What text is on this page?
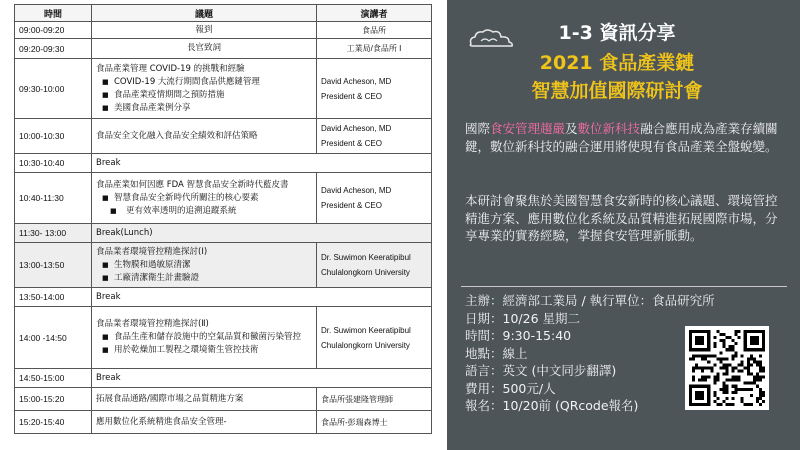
時間	議題	演講者
09:00-09:20	報到	食品所
09:20-09:30	長官致詞	工業局/食品所 I
09:30-10:00	食品產業管理 COVID-19 的挑戰和經驗
■ COVID-19 大流行期間食品供應鏈管理
■ 食品產業疫情期間之預防措施
■ 美國食品產業例分享	David Acheson, MD
President & CEO

10:00-10:30	食品安全文化融入食品安全績效和評估策略	David Acheson, MD
President & CEO

10:30-10:40	Break	
10:40-11:30	食品產業如何因應 FDA 智慧食品安全新時代藍皮書
■ 智慧食品安全新時代所關注的核心要素
■ 更有效率透明的追溯追蹤系統	David Acheson, MD
President & CEO

11:30- 13:00	Break(Lunch)	
13:00-13:50	食品業者環境管控精進探討(Ⅰ)
■ 生物膜和過敏原清潔
■ 工廠清潔衛生計畫驗證	Dr. Suwimon Keeratipibul
Chulalongkorn University

13:50-14:00	Break	
14:00 -14:50	食品業者環境管控精進探討(Ⅱ)
■ 食品生產和儲存設施中的空氣品質和黴菌污染管控
■ 用於乾燥加工製程之環境衛生管控技術	Dr. Suwimon Keeratipibul
Chulalongkorn University

14:50-15:00	Break	
15:00-15:20	拓展食品通路/國際市場之品質精進方案	食品所張建隆管理師
15:20-15:40	應用數位化系統精進食品安全管理-	食品所-彭瑞森博士
1-3 資訊分享
2021 食品產業鏈
智慧加值國際研討會
國際食安管理趨嚴及數位新科技融合應用成為產業存續關鍵，數位新科技的融合運用將使現有食品產業全盤蛻變。
本研討會聚焦於美國智慧食安新時的核心議題、環境管控精進方案、應用數位化系統及品質精進拓展國際市場，分享專業的實務經驗，掌握食安管理新脈動。
主辦：經濟部工業局 / 執行單位：食品研究所
日期：10/26 星期二
時間：9:30-15:40
地點：線上
語言：英文 (中文同步翻譯)
費用：500元/人
報名：10/20前 (QRcode報名)
